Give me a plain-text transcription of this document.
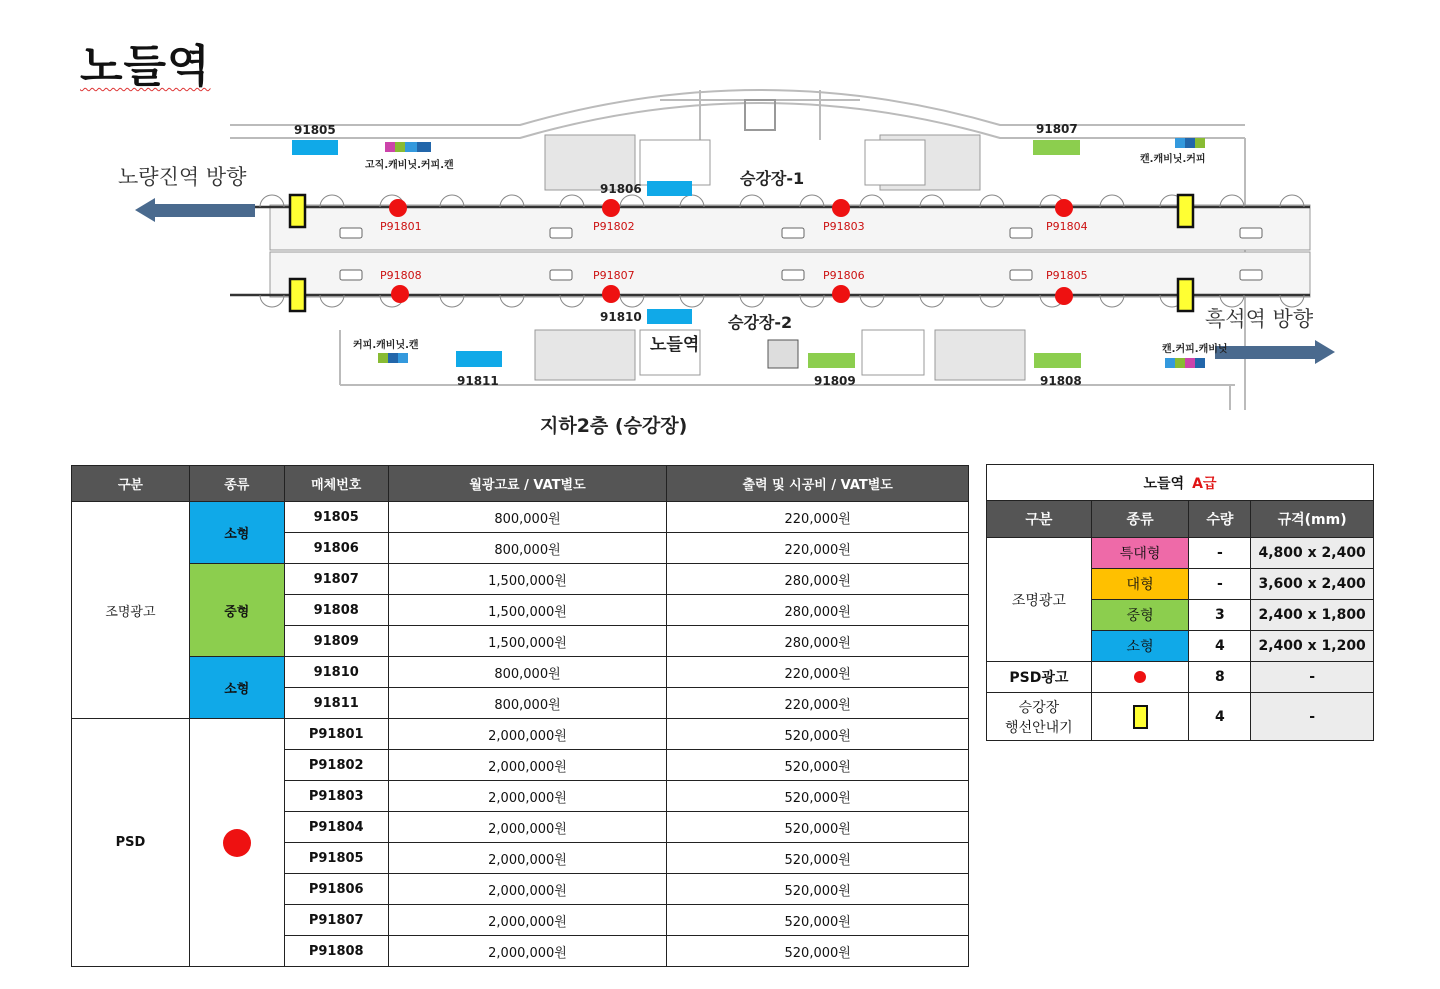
노들역
노량진역 방향
흑석역 방향
승강장-1
승강장-2
노들역
지하2층 (승강장)
고직.캐비닛.커피.캔
캔.캐비닛.커피
커피.캐비닛.캔	캔.커피.캐비닛
91805
91806
91807
91810
91811	91809	91808
P91801	P91802	P91803	P91804
P91808	P91807	P91806	P91805
구분	종류	매체번호	월광고료 / VAT별도	출력 및 시공비 / VAT별도
조명광고	소형	91805	800,000원	220,000원
		91806	800,000원	220,000원
	중형	91807	1,500,000원	280,000원
		91808	1,500,000원	280,000원
		91809	1,500,000원	280,000원
	소형	91810	800,000원	220,000원
		91811	800,000원	220,000원
PSD		P91801	2,000,000원	520,000원
		P91802	2,000,000원	520,000원
		P91803	2,000,000원	520,000원
		P91804	2,000,000원	520,000원
		P91805	2,000,000원	520,000원
		P91806	2,000,000원	520,000원
		P91807	2,000,000원	520,000원
		P91808	2,000,000원	520,000원
노들역 A급			
구분	종류	수량	규격(mm)
조명광고	특대형	-	4,800 x 2,400
	대형	-	3,600 x 2,400
	중형	3	2,400 x 1,800
	소형	4	2,400 x 1,200
PSD광고		8	-
승강장
행선안내기		4	-
